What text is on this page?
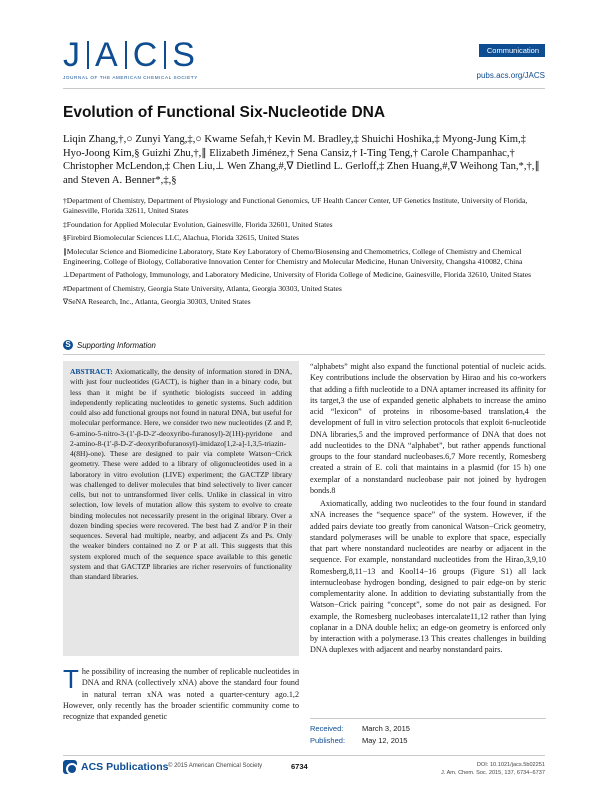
J A C S
JOURNAL OF THE AMERICAN CHEMICAL SOCIETY
Communication
pubs.acs.org/JACS
Evolution of Functional Six-Nucleotide DNA
Liqin Zhang,†,○ Zunyi Yang,‡,○ Kwame Sefah,† Kevin M. Bradley,‡ Shuichi Hoshika,‡ Myong-Jung Kim,‡ Hyo-Joong Kim,§ Guizhi Zhu,†,∥ Elizabeth Jiménez,† Sena Cansiz,† I-Ting Teng,† Carole Champanhac,† Christopher McLendon,‡ Chen Liu,⊥ Wen Zhang,#,∇ Dietlind L. Gerloff,‡ Zhen Huang,#,∇ Weihong Tan,*,†,∥ and Steven A. Benner*,‡,§

†Department of Chemistry, Department of Physiology and Functional Genomics, UF Health Cancer Center, UF Genetics Institute, University of Florida, Gainesville, Florida 32611, United States

‡Foundation for Applied Molecular Evolution, Gainesville, Florida 32601, United States

§Firebird Biomolecular Sciences LLC, Alachua, Florida 32615, United States

∥Molecular Science and Biomedicine Laboratory, State Key Laboratory of Chemo/Biosensing and Chemometrics, College of Chemistry and Chemical Engineering, College of Biology, Collaborative Innovation Center for Chemistry and Molecular Medicine, Hunan University, Changsha 410082, China

⊥Department of Pathology, Immunology, and Laboratory Medicine, University of Florida College of Medicine, Gainesville, Florida 32610, United States

#Department of Chemistry, Georgia State University, Atlanta, Georgia 30303, United States

∇SeNA Research, Inc., Atlanta, Georgia 30303, United States

S Supporting Information
ABSTRACT: Axiomatically, the density of information stored in DNA, with just four nucleotides (GACT), is higher than in a binary code, but less than it might be if synthetic biologists succeed in adding independently replicating nucleotides to genetic systems. Such addition could also add functional groups not found in natural DNA, but useful for molecular performance. Here, we consider two new nucleotides (Z and P, 6-amino-5-nitro-3-(1′-β-D-2′-deoxyribo-furanosyl)-2(1H)-pyridone and 2-amino-8-(1′-β-D-2′-deoxyribofuranosyl)-imidazo[1,2-a]-1,3,5-triazin-4(8H)-one). These are designed to pair via complete Watson−Crick geometry. These were added to a library of oligonucleotides used in a laboratory in vitro evolution (LIVE) experiment; the GACTZP library was challenged to deliver molecules that bind selectively to liver cancer cells, but not to untransformed liver cells. Unlike in classical in vitro selection, low levels of mutation allow this system to evolve to create binding molecules not necessarily present in the original library. Over a dozen binding species were recovered. The best had Z and/or P in their sequences. Several had multiple, nearby, and adjacent Zs and Ps. Only the weaker binders contained no Z or P at all. This suggests that this system explored much of the sequence space available to this genetic system and that GACTZP libraries are richer reservoirs of functionality than standard libraries.
T he possibility of increasing the number of replicable nucleotides in DNA and RNA (collectively xNA) above the standard four found in natural terran xNA was noted a quarter-century ago.1,2 However, only recently has the broader scientific community come to recognize that expanded genetic

“alphabets” might also expand the functional potential of nucleic acids. Key contributions include the observation by Hirao and his co-workers that adding a fifth nucleotide to a DNA aptamer increased its affinity for its target,3 the use of expanded genetic alphabets to increase the amino acid “lexicon” of proteins in ribosome-based translation,4 the development of full in vitro selection protocols that exploit 6-nucleotide DNA libraries,5 and the improved performance of DNA that does not add nucleotides to the DNA “alphabet”, but rather appends functional groups to the four standard nucleobases.6,7 More recently, Romesberg created a strain of E. coli that maintains in a plasmid (for 15 h) one exemplar of a nonstandard nucleobase pair not joined by hydrogen bonds.8

Axiomatically, adding two nucleotides to the four found in standard xNA increases the “sequence space” of the system. However, if the added pairs deviate too greatly from canonical Watson−Crick geometry, standard polymerases will be unable to explore that space, especially that part where nonstandard nucleotides are nearby or adjacent in the sequence. For example, nonstandard nucleotides from the Hirao,3,9,10 Romesberg,8,11−13 and Kool14−16 groups (Figure S1) all lack internucleobase hydrogen bonding, designed to pair edge-on by steric complementarity alone. In addition to deviating substantially from the Watson−Crick pairing “concept”, some do not pair as designed. For example, the Romesberg nucleobases intercalate11,12 rather than lying coplanar in a DNA double helix; an edge-on geometry is enforced only by interaction with a polymerase.13 This creates challenges in building DNA duplexes with adjacent and nearby nonstandard pairs.

Received:	March 3, 2015
Published:	May 12, 2015
ACS Publications © 2015 American Chemical Society	6734	DOI: 10.1021/jacs.5b02251
J. Am. Chem. Soc. 2015, 137, 6734−6737
